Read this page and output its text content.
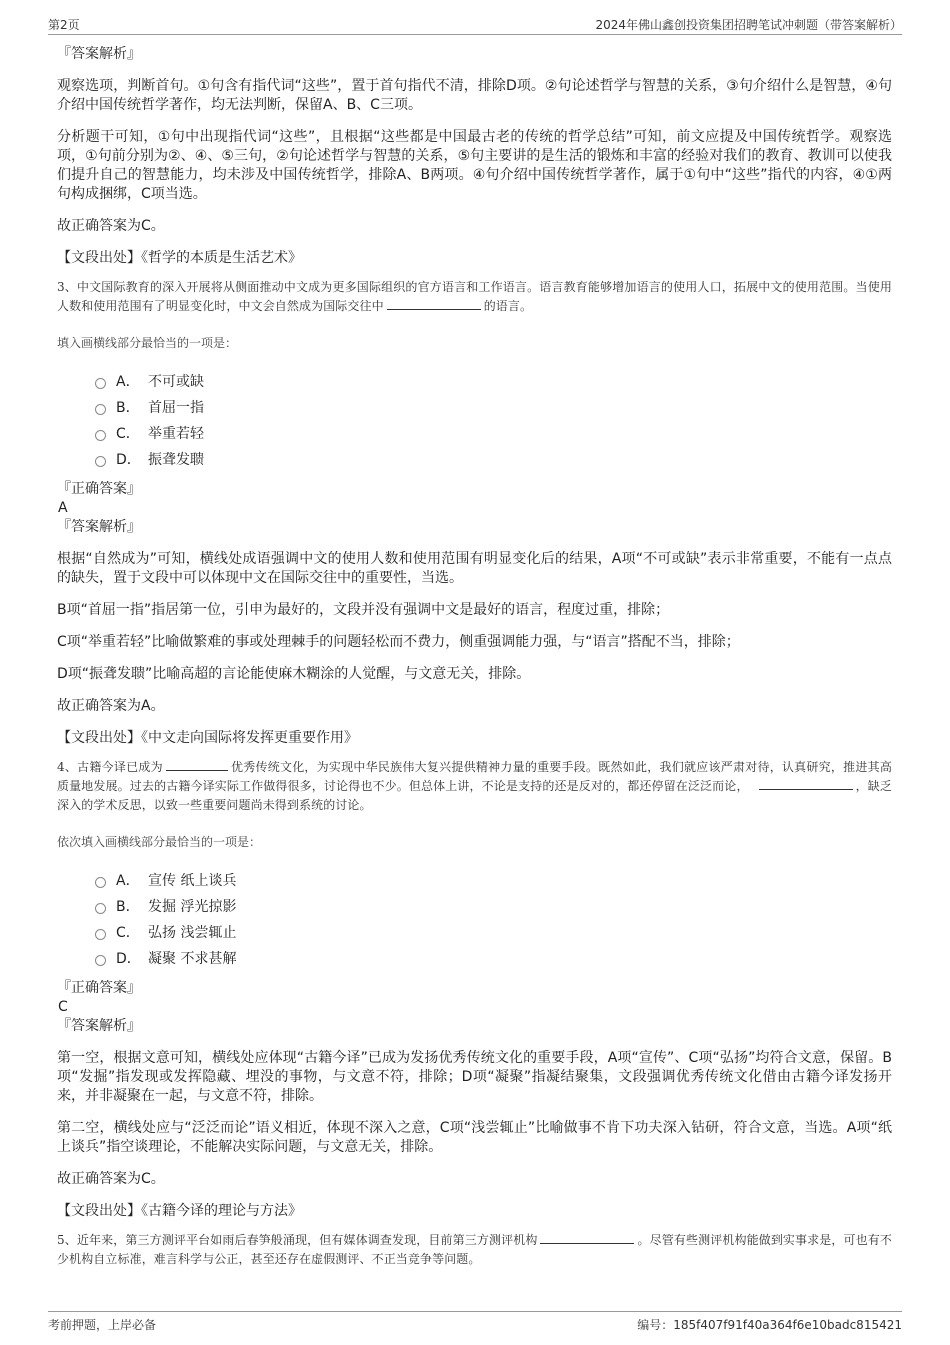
第2页	2024年佛山鑫创投资集团招聘笔试冲刺题（带答案解析）

『答案解析』

观察选项，判断首句。①句含有指代词“这些”，置于首句指代不清，排除D项。②句论述哲学与智慧的关系，③句介绍什么是智慧，④句介绍中国传统哲学著作，均无法判断，保留A、B、C三项。

分析题干可知，①句中出现指代词“这些”，且根据“这些都是中国最古老的传统的哲学总结”可知，前文应提及中国传统哲学。观察选项，①句前分别为②、④、⑤三句，②句论述哲学与智慧的关系，⑤句主要讲的是生活的锻炼和丰富的经验对我们的教育、教训可以使我们提升自己的智慧能力，均未涉及中国传统哲学，排除A、B两项。④句介绍中国传统哲学著作，属于①句中“这些”指代的内容，④①两句构成捆绑，C项当选。

故正确答案为C。

【文段出处】《哲学的本质是生活艺术》

3、中文国际教育的深入开展将从侧面推动中文成为更多国际组织的官方语言和工作语言。语言教育能够增加语言的使用人口，拓展中文的使用范围。当使用人数和使用范围有了明显变化时，中文会自然成为国际交往中	的语言。

填入画横线部分最恰当的一项是：

A． 不可或缺
B． 首屈一指
C． 举重若轻
D． 振聋发聩

『正确答案』

A

『答案解析』

根据“自然成为”可知，横线处成语强调中文的使用人数和使用范围有明显变化后的结果，A项“不可或缺”表示非常重要，不能有一点点的缺失，置于文段中可以体现中文在国际交往中的重要性，当选。

B项“首屈一指”指居第一位，引申为最好的，文段并没有强调中文是最好的语言，程度过重，排除；

C项“举重若轻”比喻做繁难的事或处理棘手的问题轻松而不费力，侧重强调能力强，与“语言”搭配不当，排除；

D项“振聋发聩”比喻高超的言论能使麻木糊涂的人觉醒，与文意无关，排除。

故正确答案为A。

【文段出处】《中文走向国际将发挥更重要作用》

4、古籍今译已成为	优秀传统文化，为实现中华民族伟大复兴提供精神力量的重要手段。既然如此，我们就应该严肃对待，认真研究，推进其高质量地发展。过去的古籍今译实际工作做得很多，讨论得也不少。但总体上讲，不论是支持的还是反对的，都还停留在泛泛而论，	，缺乏深入的学术反思，以致一些重要问题尚未得到系统的讨论。

依次填入画横线部分最恰当的一项是：

A． 宣传 纸上谈兵
B． 发掘 浮光掠影
C． 弘扬 浅尝辄止
D． 凝聚 不求甚解

『正确答案』

C

『答案解析』

第一空，根据文意可知，横线处应体现“古籍今译”已成为发扬优秀传统文化的重要手段，A项“宣传”、C项“弘扬”均符合文意，保留。B项“发掘”指发现或发挥隐藏、埋没的事物，与文意不符，排除；D项“凝聚”指凝结聚集，文段强调优秀传统文化借由古籍今译发扬开来，并非凝聚在一起，与文意不符，排除。

第二空，横线处应与“泛泛而论”语义相近，体现不深入之意，C项“浅尝辄止”比喻做事不肯下功夫深入钻研，符合文意，当选。A项“纸上谈兵”指空谈理论，不能解决实际问题，与文意无关，排除。

故正确答案为C。

【文段出处】《古籍今译的理论与方法》

5、近年来，第三方测评平台如雨后春笋般涌现，但有媒体调查发现，目前第三方测评机构	。尽管有些测评机构能做到实事求是，可也有不少机构自立标准，难言科学与公正，甚至还存在虚假测评、不正当竞争等问题。

考前押题，上岸必备	编号：185f407f91f40a364f6e10badc815421
